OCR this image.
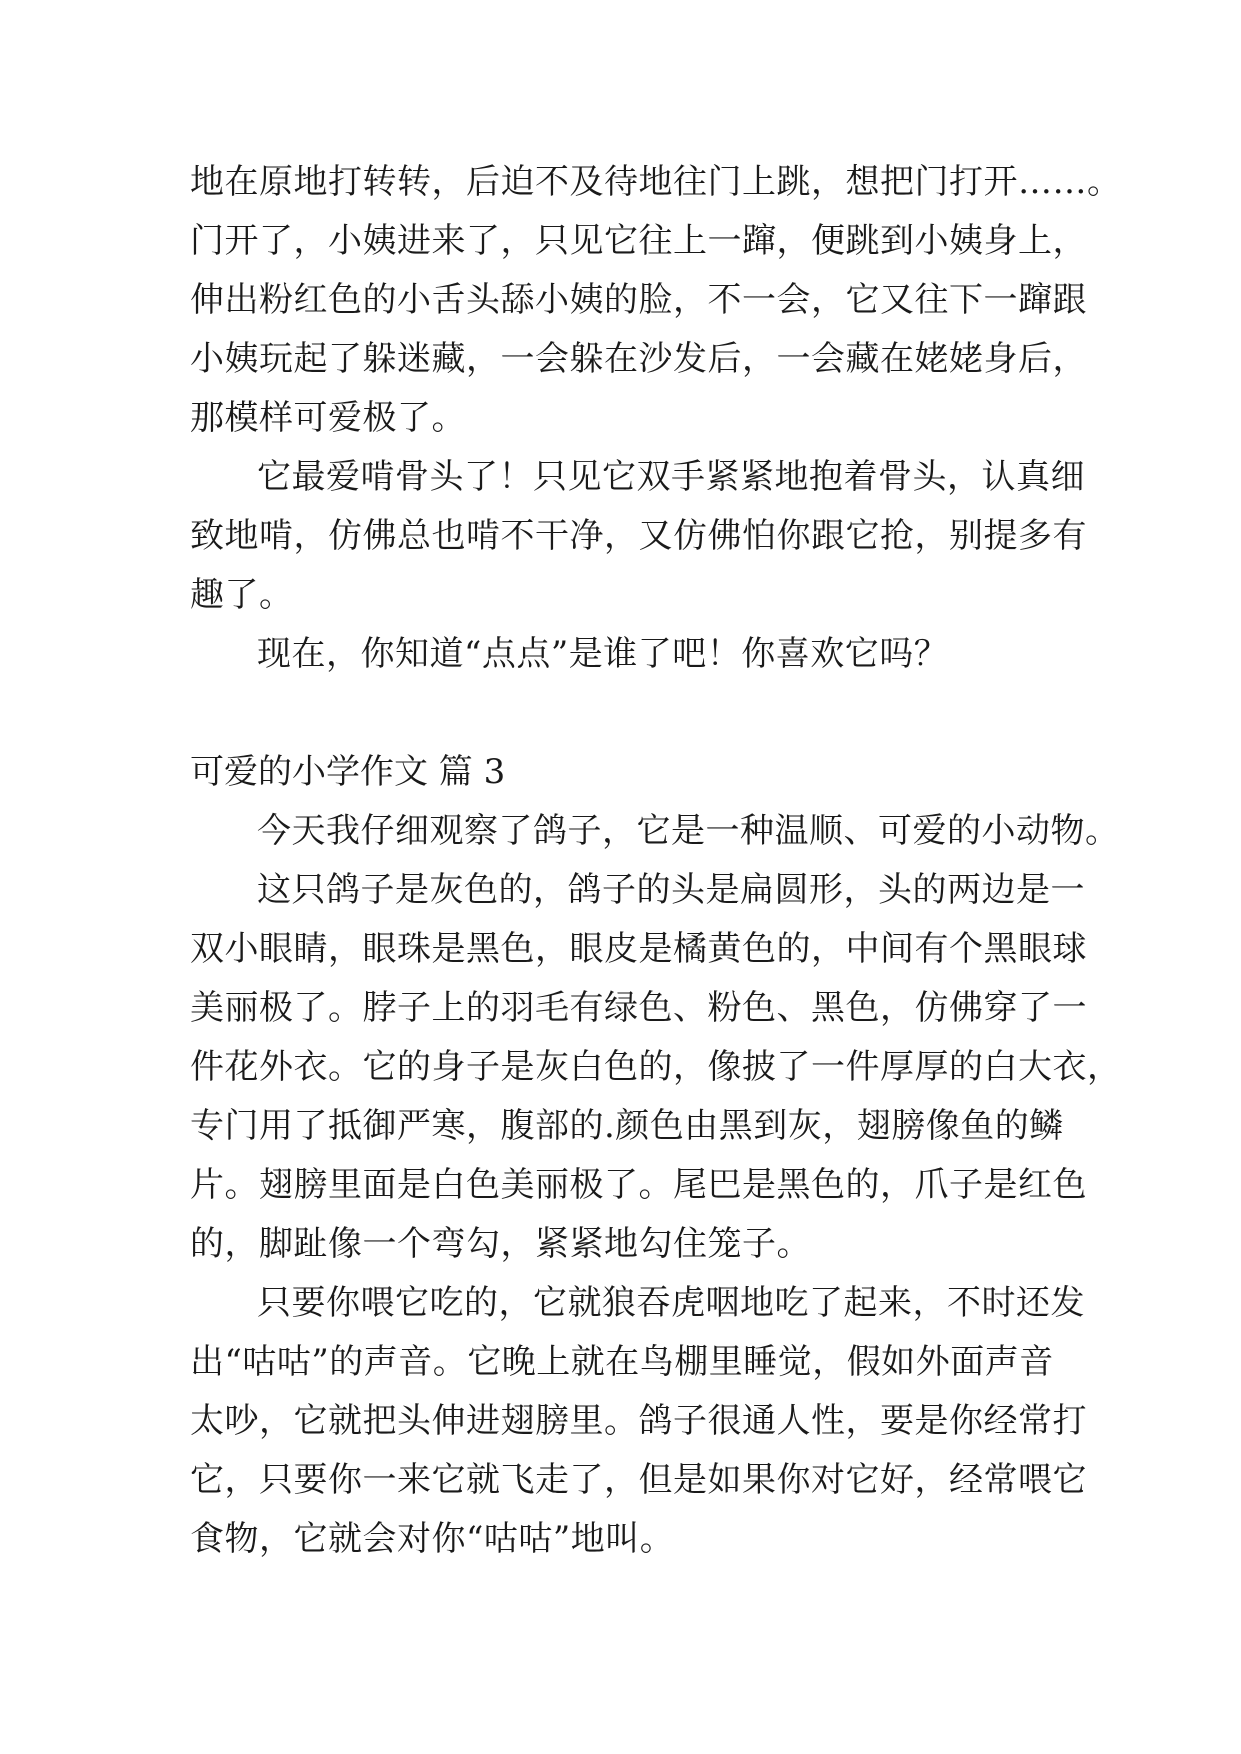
地在原地打转转，后迫不及待地往门上跳，想把门打开……。
门开了，小姨进来了，只见它往上一蹿，便跳到小姨身上，
伸出粉红色的小舌头舔小姨的脸，不一会，它又往下一蹿跟
小姨玩起了躲迷藏，一会躲在沙发后，一会藏在姥姥身后，
那模样可爱极了。
它最爱啃骨头了！只见它双手紧紧地抱着骨头，认真细
致地啃，仿佛总也啃不干净，又仿佛怕你跟它抢，别提多有
趣了。
现在，你知道“点点”是谁了吧！你喜欢它吗？
可爱的小学作文 篇 3
今天我仔细观察了鸽子，它是一种温顺、可爱的小动物。
这只鸽子是灰色的，鸽子的头是扁圆形，头的两边是一
双小眼睛，眼珠是黑色，眼皮是橘黄色的，中间有个黑眼球
美丽极了。脖子上的羽毛有绿色、粉色、黑色，仿佛穿了一
件花外衣。它的身子是灰白色的，像披了一件厚厚的白大衣，
专门用了抵御严寒，腹部的.颜色由黑到灰，翅膀像鱼的鳞
片。翅膀里面是白色美丽极了。尾巴是黑色的，爪子是红色
的，脚趾像一个弯勾，紧紧地勾住笼子。
只要你喂它吃的，它就狼吞虎咽地吃了起来，不时还发
出“咕咕”的声音。它晚上就在鸟棚里睡觉，假如外面声音
太吵，它就把头伸进翅膀里。鸽子很通人性，要是你经常打
它，只要你一来它就飞走了，但是如果你对它好，经常喂它
食物，它就会对你“咕咕”地叫。
